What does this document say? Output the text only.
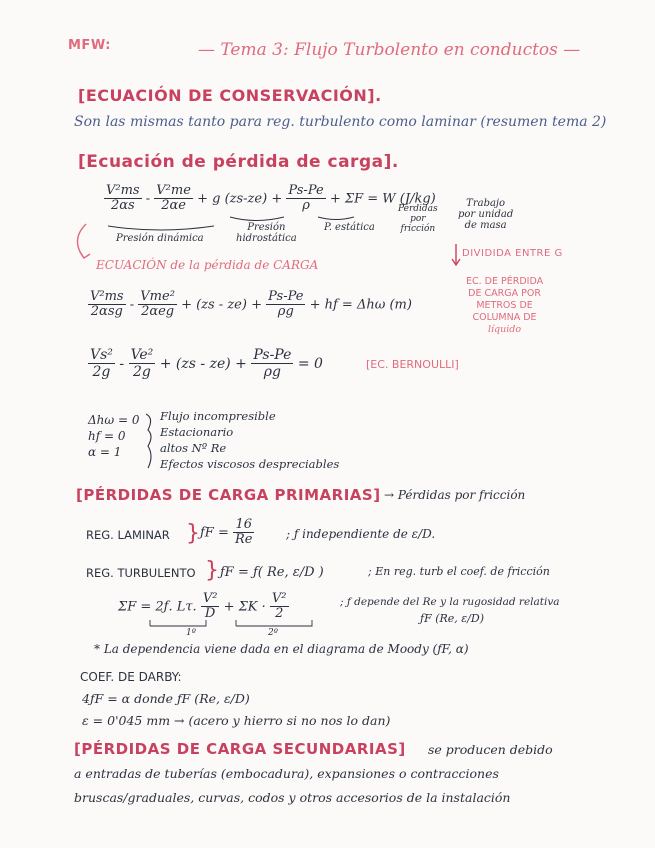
MFW:	— Tema 3: Flujo Turbolento en conductos —
[ECUACIÓN DE CONSERVACIÓN].
Son las mismas tanto para reg. turbulento como laminar (resumen tema 2)
[Ecuación de pérdida de carga].
$\frac{\text{V²ms}}{2\alpha s} - \frac{\text{V²me}}{2\alpha e} + g$ $(zs-ze) + \frac{Ps-Pe}{\rho} + \Sigma F = W$ (J/kg)
Presión dinámica
Presión
hidrostática
P. estática
Pérdidas
por
fricción
Trabajo
por unidad
de masa
ECUACIÓN de la pérdida de CARGA
DIVIDIDA ENTRE G
$\frac{\text{V²ms}}{\text{2αsg}} - \frac{\text{Vme²}}{\text{2αeg}} + (zs - ze) + \frac{Ps-Pe}{\rho g}$ + hf = Δhω (m)
EC. DE PÉRDIDA
DE CARGA POR
METROS DE
COLUMNA DE
líquido
$\frac{\text{Vs²}}{2g} - \frac{\text{Ve²}}{2g} + (zs - ze) + \frac{Ps-Pe}{\rho g} = 0$	[EC. BERNOULLI]
Δhω = 0
hf = 0
α = 1
Flujo incompresible
Estacionario
altos Nº Re
Efectos viscosos despreciables
[PÉRDIDAS DE CARGA PRIMARIAS] → Pérdidas por fricción
REG. LAMINAR } ƒF = $\frac{16}{Re}$	; ƒ independiente de ε/D.
REG. TURBULENTO } ƒF = ƒ( Re, ε/D )	; En reg. turb el coef. de fricción
ΣF = 2ƒ. Lτ. $\frac{\text{V²}}{D} + \Sigma K \cdot \frac{\text{V²}}{2}$	; ƒ depende del Re y la rugosidad relativa
ƒF (Re, ε/D)
1º	2º
* La dependencia viene dada en el diagrama de Moody (ƒF, α)
COEF. DE DARBY:
4ƒF = α donde ƒF (Re, ε/D)
ε = 0'045 mm → (acero y hierro si no nos lo dan)
[PÉRDIDAS DE CARGA SECUNDARIAS] se producen debido
a entradas de tuberías (embocadura), expansiones o contracciones
bruscas/graduales, curvas, codos y otros accesorios de la instalación
